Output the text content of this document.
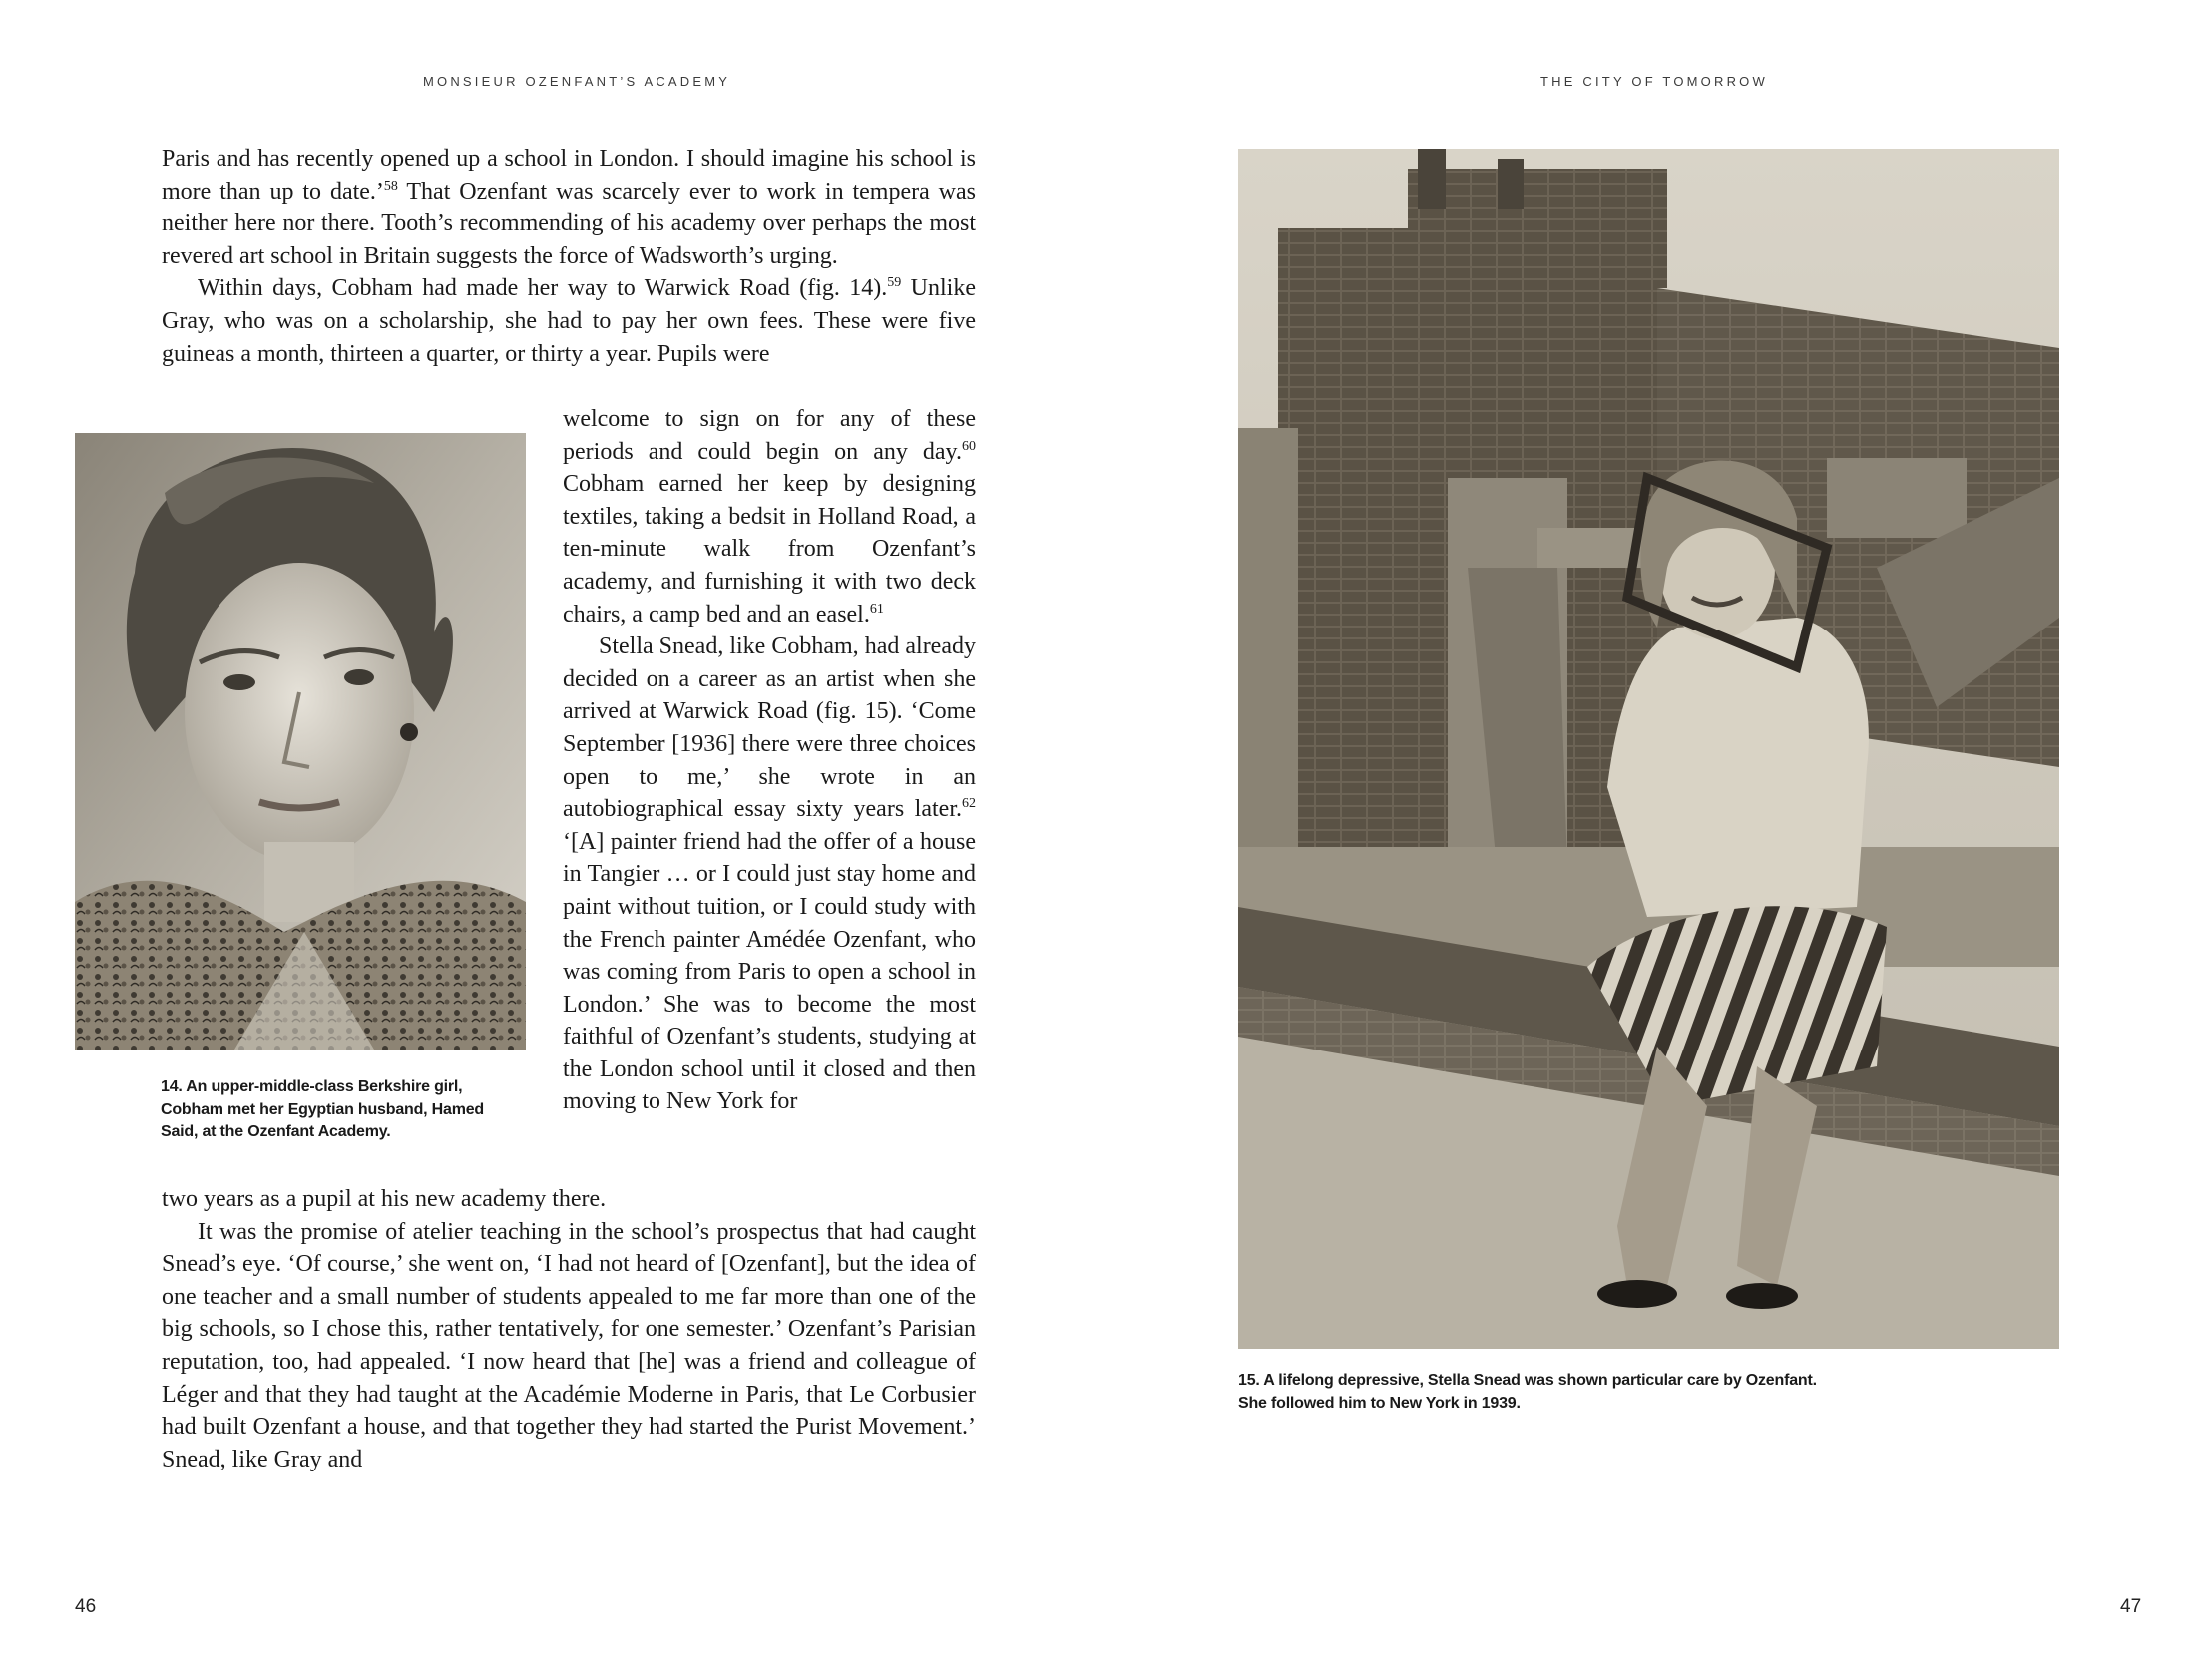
MONSIEUR OZENFANT’S ACADEMY

Paris and has recently opened up a school in London. I should imagine his school is more than up to date.’$^{58}$ That Ozenfant was scarcely ever to work in tempera was neither here nor there. Tooth’s recommending of his academy over perhaps the most revered art school in Britain suggests the force of Wadsworth’s urging.

Within days, Cobham had made her way to Warwick Road (fig. 14).$^{59}$ Unlike Gray, who was on a scholarship, she had to pay her own fees. These were five guineas a month, thirteen a quarter, or thirty a year. Pupils were

14. An upper-middle-class Berkshire girl,

Cobham met her Egyptian husband, Hamed

Said, at the Ozenfant Academy.

welcome to sign on for any of these periods and could begin on any day.$^{60}$ Cobham earned her keep by designing textiles, taking a bedsit in Holland Road, a ten-minute walk from Ozenfant’s academy, and furnishing it with two deck chairs, a camp bed and an easel.$^{61}$

Stella Snead, like Cobham, had already decided on a career as an artist when she arrived at Warwick Road (fig. 15). ‘Come September [1936] there were three choices open to me,’ she wrote in an autobiographical essay sixty years later.$^{62}$ ‘[A] painter friend had the offer of a house in Tangier … or I could just stay home and paint without tuition, or I could study with the French painter Amédée Ozenfant, who was coming from Paris to open a school in London.’ She was to become the most faithful of Ozenfant’s students, studying at the London school until it closed and then moving to New York for

two years as a pupil at his new academy there.

It was the promise of atelier teaching in the school’s prospectus that had caught Snead’s eye. ‘Of course,’ she went on, ‘I had not heard of [Ozenfant], but the idea of one teacher and a small number of students appealed to me far more than one of the big schools, so I chose this, rather tentatively, for one semester.’ Ozenfant’s Parisian reputation, too, had appealed. ‘I now heard that [he] was a friend and colleague of Léger and that they had taught at the Académie Moderne in Paris, that Le Corbusier had built Ozenfant a house, and that together they had started the Purist Movement.’ Snead, like Gray and

46
THE CITY OF TOMORROW

15. A lifelong depressive, Stella Snead was shown particular care by Ozenfant.

She followed him to New York in 1939.

47
